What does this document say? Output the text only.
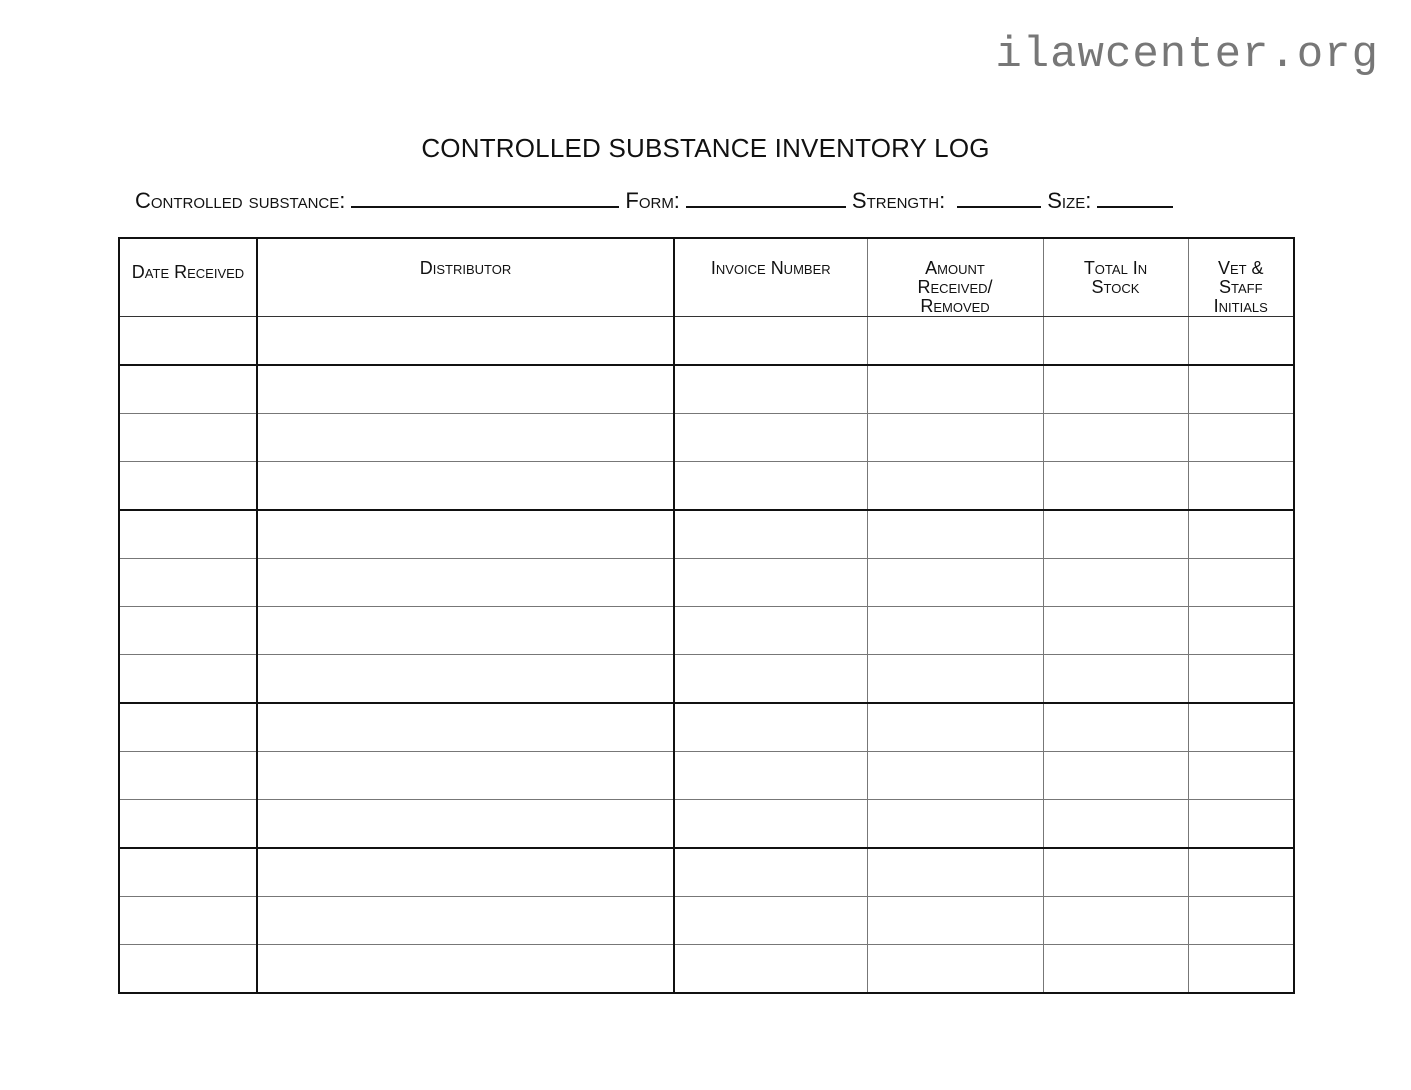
ilawcenter.org
CONTROLLED SUBSTANCE INVENTORY LOG
Controlled substance:	Form:	Strength:	Size:
Date Received	Distributor	Invoice Number	Amount Received/ Removed	Total In Stock	Vet & Staff Initials
